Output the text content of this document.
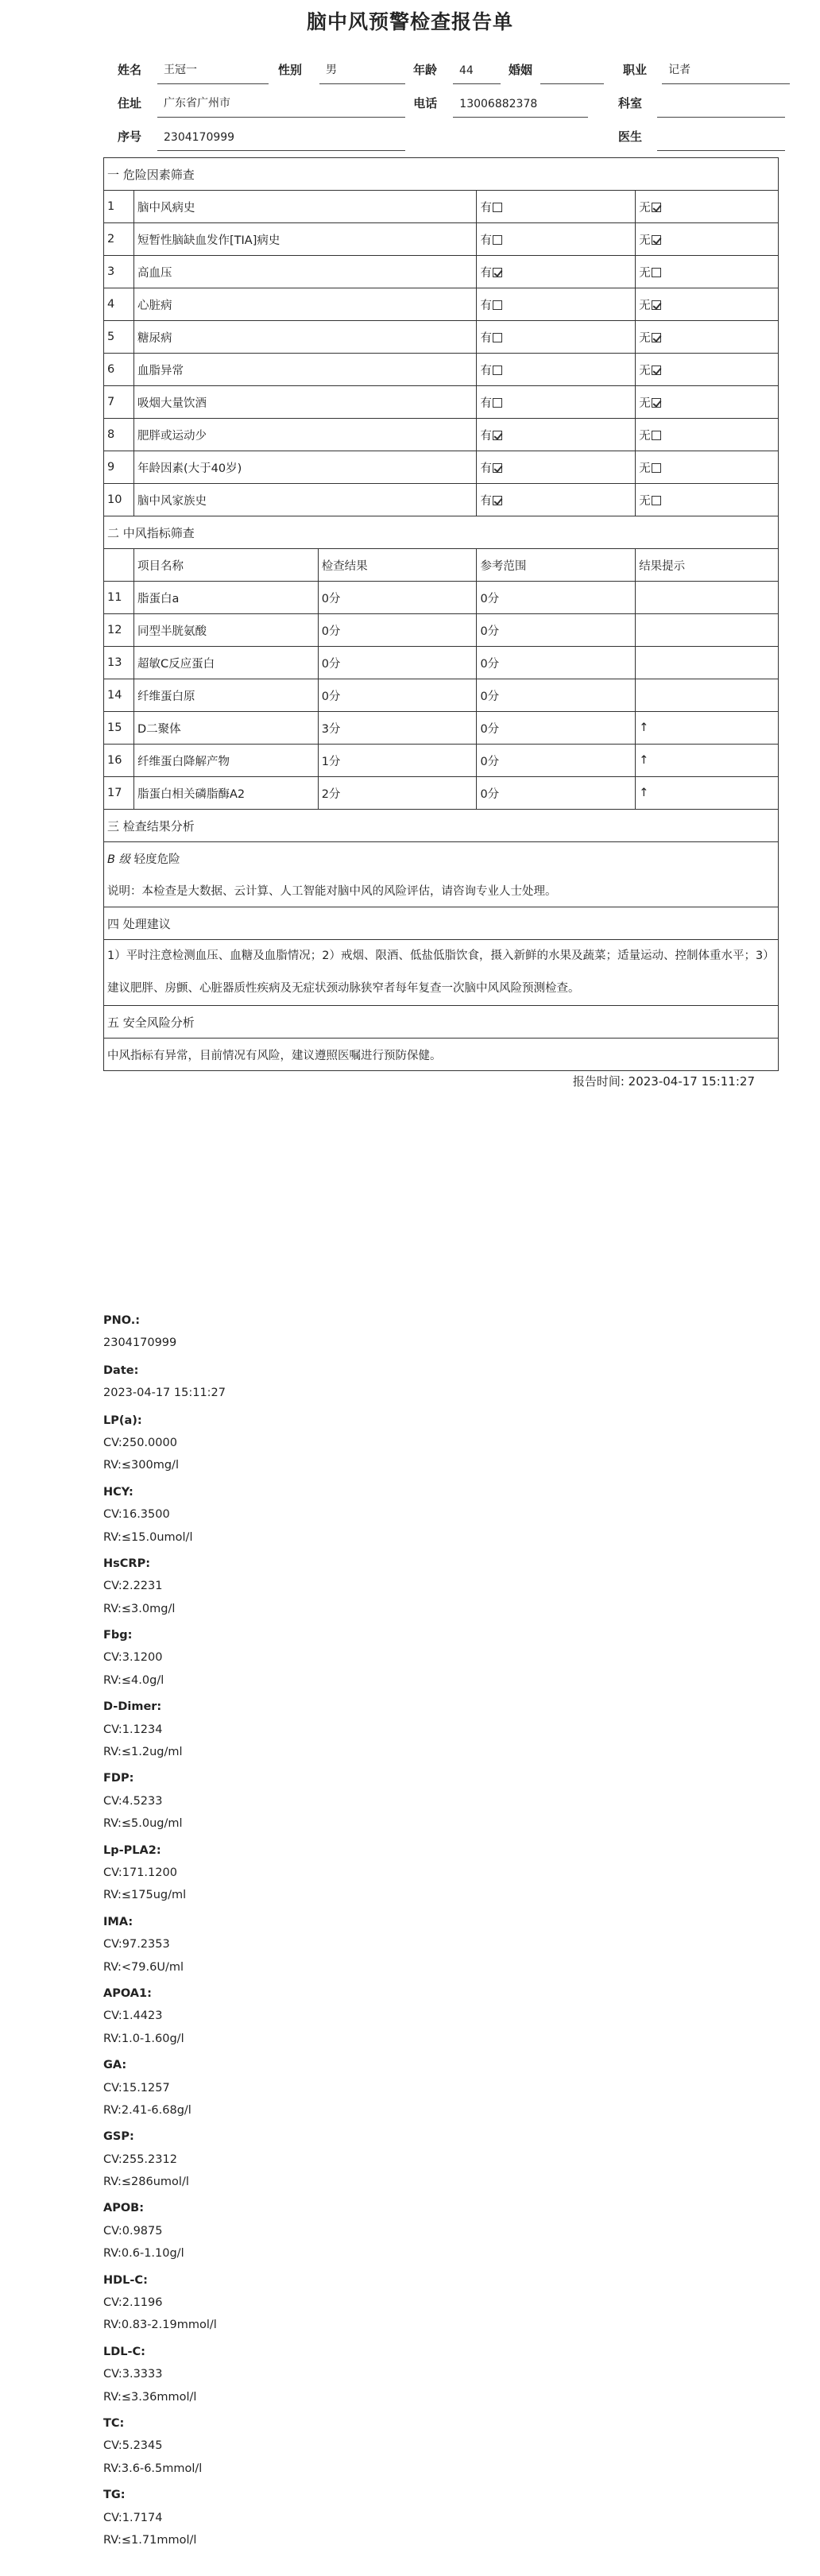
脑中风预警检查报告单
姓名	王冠一	性别	男	年龄	44	婚姻	职业	记者
住址	广东省广州市	电话	13006882378	科室
序号	2304170999	医生
一 危险因素筛查				
1	脑中风病史		有	无
2	短暂性脑缺血发作[TIA]病史		有	无
3	高血压		有	无
4	心脏病		有	无
5	糖尿病		有	无
6	血脂异常		有	无
7	吸烟大量饮酒		有	无
8	肥胖或运动少		有	无
9	年龄因素(大于40岁)		有	无
10	脑中风家族史		有	无
二 中风指标筛查				
	项目名称	检查结果	参考范围	结果提示
11	脂蛋白a	0分	0分	
12	同型半胱氨酸	0分	0分	
13	超敏C反应蛋白	0分	0分	
14	纤维蛋白原	0分	0分	
15	D二聚体	3分	0分	↑
16	纤维蛋白降解产物	1分	0分	↑
17	脂蛋白相关磷脂酶A2	2分	0分	↑
三 检查结果分析				
B 级 轻度危险				
说明：本检查是大数据、云计算、人工智能对脑中风的风险评估，请咨询专业人士处理。				
四 处理建议				
1）平时注意检测血压、血糖及血脂情况；2）戒烟、限酒、低盐低脂饮食，摄入新鲜的水果及蔬菜；适量运动、控制体重水平；3）建议肥胖、房颤、心脏器质性疾病及无症状颈动脉狭窄者每年复查一次脑中风风险预测检查。				
五 安全风险分析				
中风指标有异常，目前情况有风险，建议遵照医嘱进行预防保健。				
报告时间: 2023-04-17 15:11:27
PNO.:
2304170999
Date:
2023-04-17 15:11:27
LP(a):
CV:250.0000
RV:≤300mg/l
HCY:
CV:16.3500
RV:≤15.0umol/l
HsCRP:
CV:2.2231
RV:≤3.0mg/l
Fbg:
CV:3.1200
RV:≤4.0g/l
D-Dimer:
CV:1.1234
RV:≤1.2ug/ml
FDP:
CV:4.5233
RV:≤5.0ug/ml
Lp-PLA2:
CV:171.1200
RV:≤175ug/ml
IMA:
CV:97.2353
RV:<79.6U/ml
APOA1:
CV:1.4423
RV:1.0-1.60g/l
GA:
CV:15.1257
RV:2.41-6.68g/l
GSP:
CV:255.2312
RV:≤286umol/l
APOB:
CV:0.9875
RV:0.6-1.10g/l
HDL-C:
CV:2.1196
RV:0.83-2.19mmol/l
LDL-C:
CV:3.3333
RV:≤3.36mmol/l
TC:
CV:5.2345
RV:3.6-6.5mmol/l
TG:
CV:1.7174
RV:≤1.71mmol/l
